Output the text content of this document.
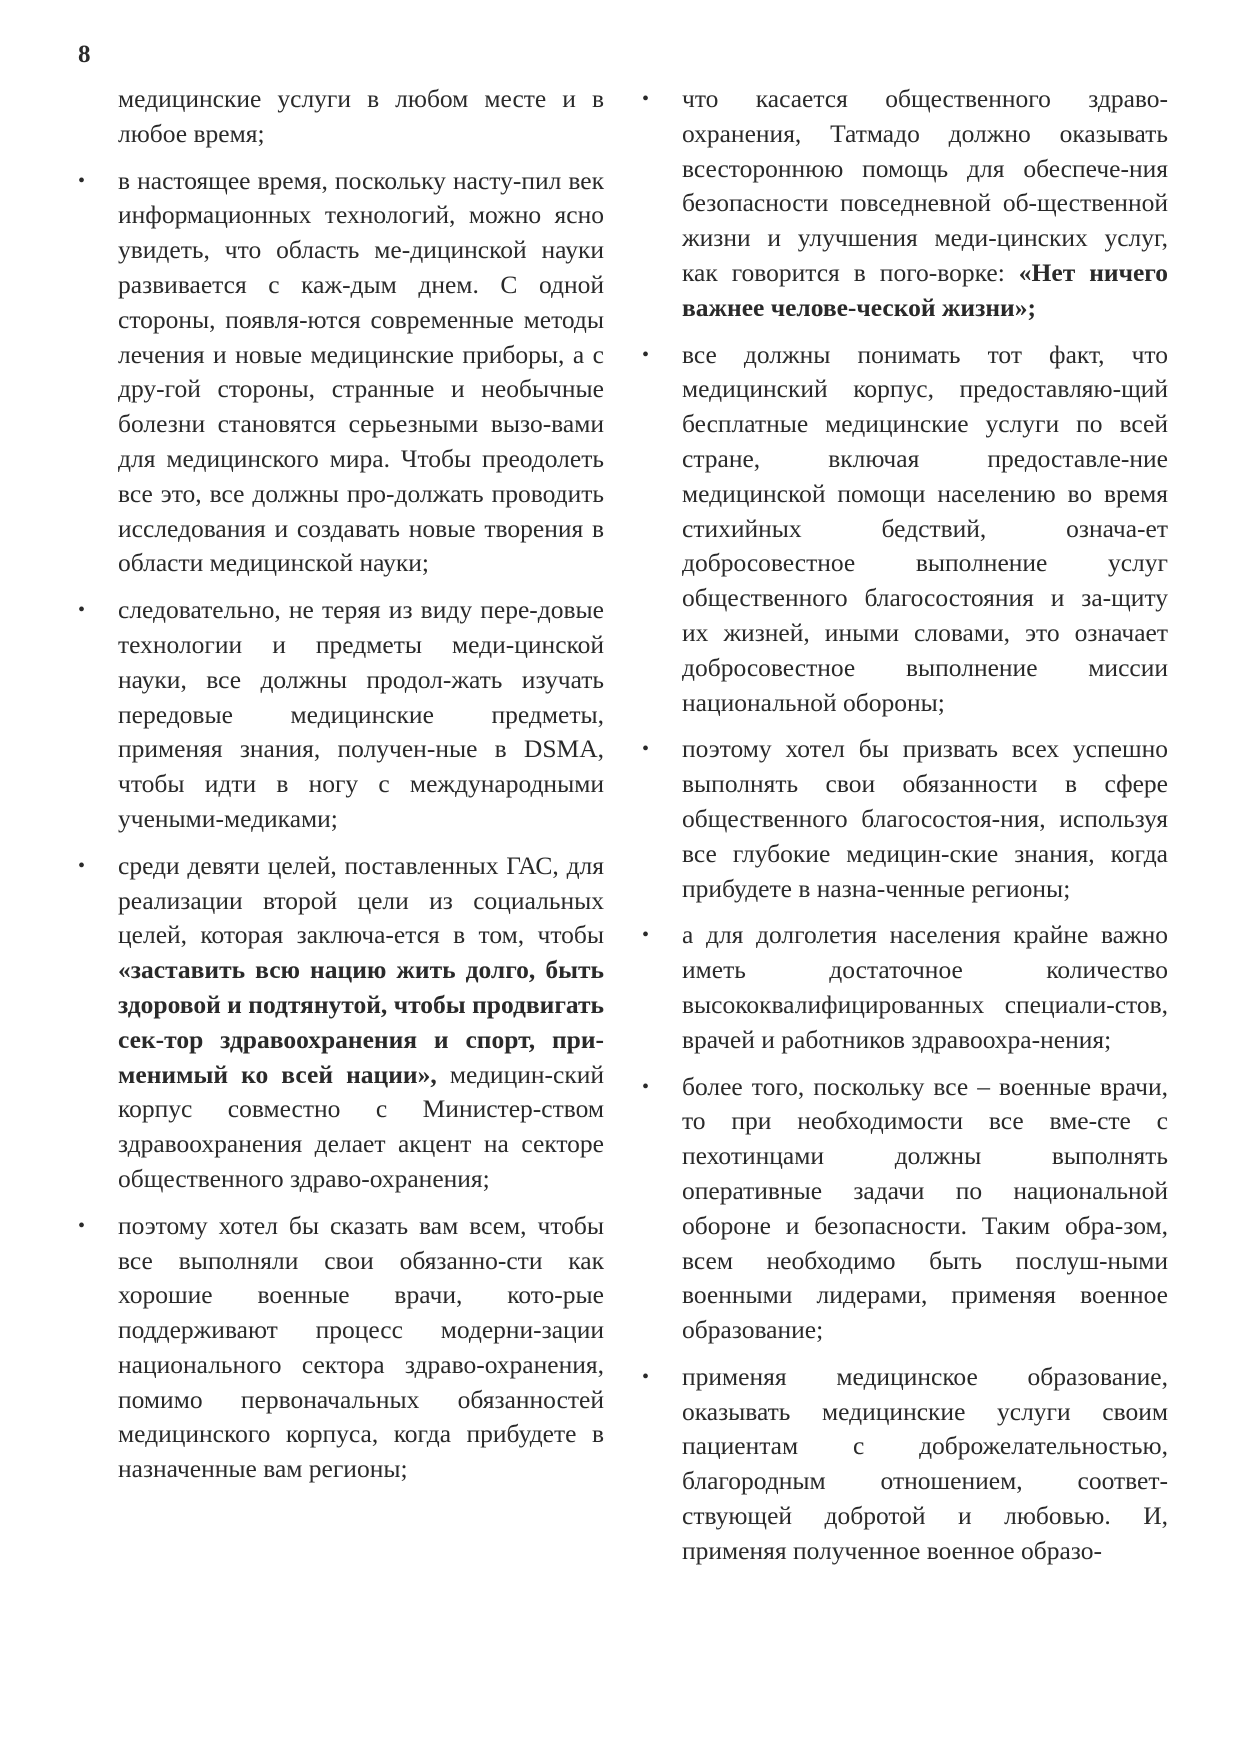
8

медицинские услуги в любом месте и в любое время;

• в настоящее время, поскольку насту-пил век информационных технологий, можно ясно увидеть, что область ме-дицинской науки развивается с каж-дым днем. С одной стороны, появля-ются современные методы лечения и новые медицинские приборы, а с дру-гой стороны, странные и необычные болезни становятся серьезными вызо-вами для медицинского мира. Чтобы преодолеть все это, все должны про-должать проводить исследования и создавать новые творения в области медицинской науки;

• следовательно, не теряя из виду пере-довые технологии и предметы меди-цинской науки, все должны продол-жать изучать передовые медицинские предметы, применяя знания, получен-ные в DSMA, чтобы идти в ногу с международными учеными-медиками;

• среди девяти целей, поставленных ГАС, для реализации второй цели из социальных целей, которая заключа-ется в том, чтобы «заставить всю нацию жить долго, быть здоровой и подтянутой, чтобы продвигать сек-тор здравоохранения и спорт, при-менимый ко всей нации», медицин-ский корпус совместно с Министер-ством здравоохранения делает акцент на секторе общественного здраво-охранения;

• поэтому хотел бы сказать вам всем, чтобы все выполняли свои обязанно-сти как хорошие военные врачи, кото-рые поддерживают процесс модерни-зации национального сектора здраво-охранения, помимо первоначальных обязанностей медицинского корпуса, когда прибудете в назначенные вам регионы;

• что касается общественного здраво-охранения, Татмадо должно оказывать всестороннюю помощь для обеспече-ния безопасности повседневной об-щественной жизни и улучшения меди-цинских услуг, как говорится в пого-ворке: «Нет ничего важнее челове-ческой жизни»;

• все должны понимать тот факт, что медицинский корпус, предоставляю-щий бесплатные медицинские услуги по всей стране, включая предоставле-ние медицинской помощи населению во время стихийных бедствий, означа-ет добросовестное выполнение услуг общественного благосостояния и за-щиту их жизней, иными словами, это означает добросовестное выполнение миссии национальной обороны;

• поэтому хотел бы призвать всех успешно выполнять свои обязанности в сфере общественного благосостоя-ния, используя все глубокие медицин-ские знания, когда прибудете в назна-ченные регионы;

• а для долголетия населения крайне важно иметь достаточное количество высококвалифицированных специали-стов, врачей и работников здравоохра-нения;

• более того, поскольку все – военные врачи, то при необходимости все вме-сте с пехотинцами должны выполнять оперативные задачи по национальной обороне и безопасности. Таким обра-зом, всем необходимо быть послуш-ными военными лидерами, применяя военное образование;

• применяя медицинское образование, оказывать медицинские услуги своим пациентам с доброжелательностью, благородным отношением, соответ-ствующей добротой и любовью. И, применяя полученное военное образо-
